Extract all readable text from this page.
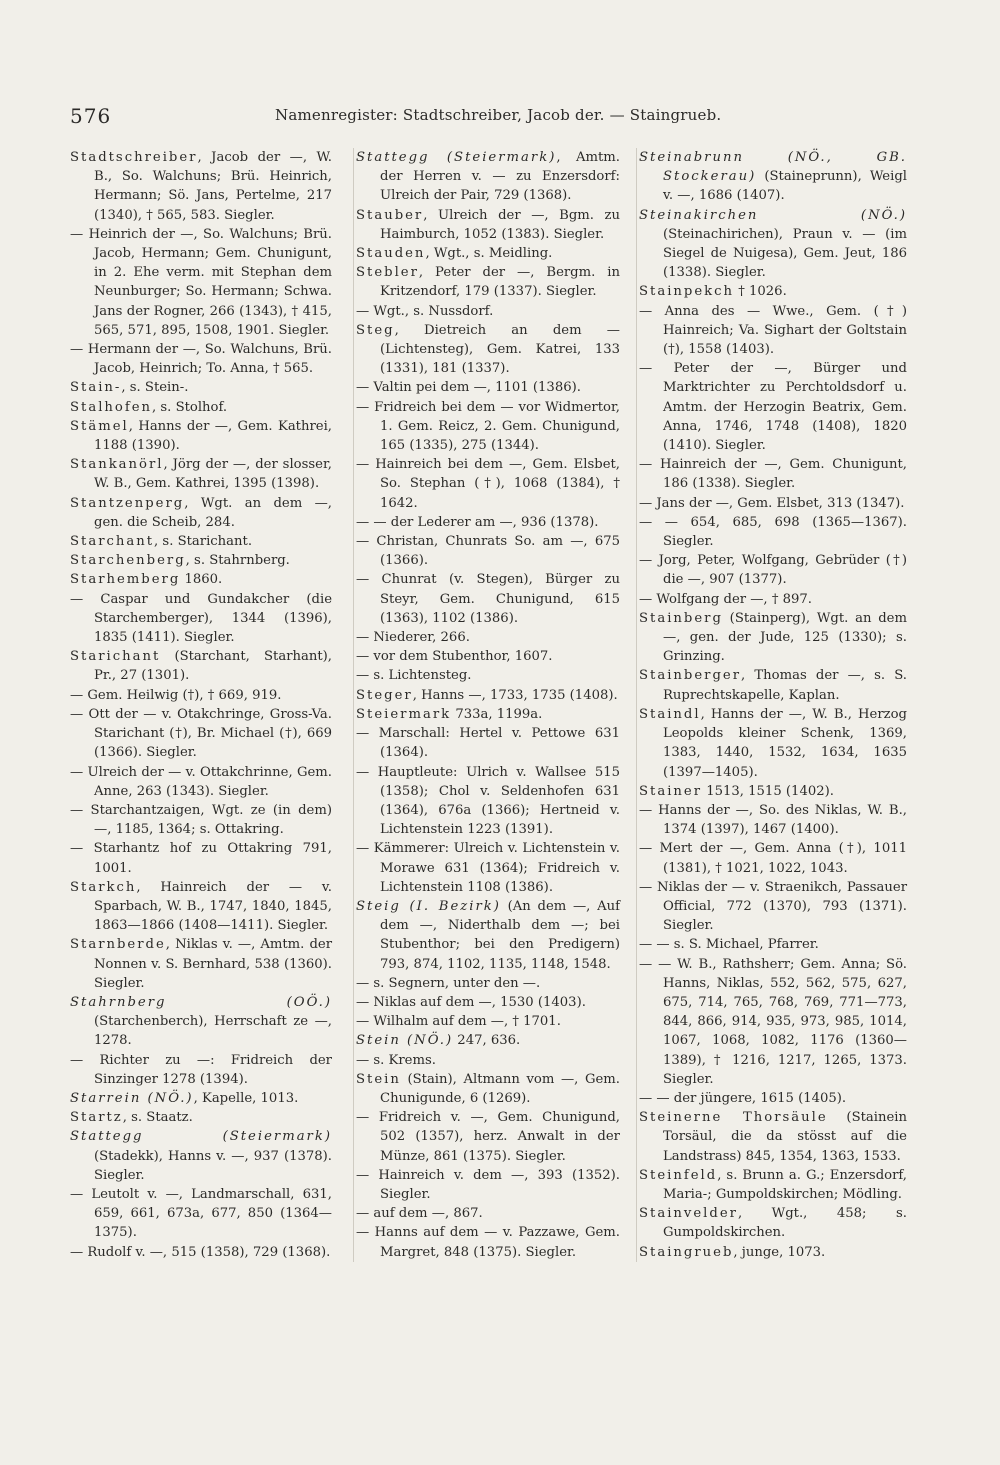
576	Namenregister: Stadtschreiber, Jacob der. — Staingrueb.

Stadtschreiber, Jacob der —, W. B., So. Walchuns; Brü. Heinrich, Hermann; Sö. Jans, Pertelme, 217 (1340), † 565, 583. Siegler.

— Heinrich der —, So. Walchuns; Brü. Jacob, Hermann; Gem. Chunigunt, in 2. Ehe verm. mit Stephan dem Neunburger; So. Hermann; Schwa. Jans der Rogner, 266 (1343), † 415, 565, 571, 895, 1508, 1901. Siegler.

— Hermann der —, So. Walchuns, Brü. Jacob, Heinrich; To. Anna, † 565.

Stain-, s. Stein-.

Stalhofen, s. Stolhof.

Stämel, Hanns der —, Gem. Kathrei, 1188 (1390).

Stankanörl, Jörg der —, der slosser, W. B., Gem. Kathrei, 1395 (1398).

Stantzenperg, Wgt. an dem —, gen. die Scheib, 284.

Starchant, s. Starichant.

Starchenberg, s. Stahrnberg.

Starhemberg 1860.

— Caspar und Gundakcher (die Starchemberger), 1344 (1396), 1835 (1411). Siegler.

Starichant (Starchant, Starhant), Pr., 27 (1301).

— Gem. Heilwig (†), † 669, 919.

— Ott der — v. Otakchringe, Gross-Va. Starichant (†), Br. Michael (†), 669 (1366). Siegler.

— Ulreich der — v. Ottakchrinne, Gem. Anne, 263 (1343). Siegler.

— Starchantzaigen, Wgt. ze (in dem) —, 1185, 1364; s. Ottakring.

— Starhantz hof zu Ottakring 791, 1001.

Starkch, Hainreich der — v. Sparbach, W. B., 1747, 1840, 1845, 1863—1866 (1408—1411). Siegler.

Starnberde, Niklas v. —, Amtm. der Nonnen v. S. Bernhard, 538 (1360). Siegler.

Stahrnberg (OÖ.) (Starchenberch), Herrschaft ze —, 1278.

— Richter zu —: Fridreich der Sinzinger 1278 (1394).

Starrein (NÖ.), Kapelle, 1013.

Startz, s. Staatz.

Stattegg (Steiermark) (Stadekk), Hanns v. —, 937 (1378). Siegler.

— Leutolt v. —, Landmarschall, 631, 659, 661, 673a, 677, 850 (1364—1375).

— Rudolf v. —, 515 (1358), 729 (1368).

Stattegg (Steiermark), Amtm. der Herren v. — zu Enzersdorf: Ulreich der Pair, 729 (1368).

Stauber, Ulreich der —, Bgm. zu Haimburch, 1052 (1383). Siegler.

Stauden, Wgt., s. Meidling.

Stebler, Peter der —, Bergm. in Kritzendorf, 179 (1337). Siegler.

— Wgt., s. Nussdorf.

Steg, Dietreich an dem — (Lichtensteg), Gem. Katrei, 133 (1331), 181 (1337).

— Valtin pei dem —, 1101 (1386).

— Fridreich bei dem — vor Widmertor, 1. Gem. Reicz, 2. Gem. Chunigund, 165 (1335), 275 (1344).

— Hainreich bei dem —, Gem. Elsbet, So. Stephan (†), 1068 (1384), † 1642.

— — der Lederer am —, 936 (1378).

— Christan, Chunrats So. am —, 675 (1366).

— Chunrat (v. Stegen), Bürger zu Steyr, Gem. Chunigund, 615 (1363), 1102 (1386).

— Niederer, 266.

— vor dem Stubenthor, 1607.

— s. Lichtensteg.

Steger, Hanns —, 1733, 1735 (1408).

Steiermark 733a, 1199a.

— Marschall: Hertel v. Pettowe 631 (1364).

— Hauptleute: Ulrich v. Wallsee 515 (1358); Chol v. Seldenhofen 631 (1364), 676a (1366); Hertneid v. Lichtenstein 1223 (1391).

— Kämmerer: Ulreich v. Lichtenstein v. Morawe 631 (1364); Fridreich v. Lichtenstein 1108 (1386).

Steig (I. Bezirk) (An dem —, Auf dem —, Niderthalb dem —; bei Stubenthor; bei den Predigern) 793, 874, 1102, 1135, 1148, 1548.

— s. Segnern, unter den —.

— Niklas auf dem —, 1530 (1403).

— Wilhalm auf dem —, † 1701.

Stein (NÖ.) 247, 636.

— s. Krems.

Stein (Stain), Altmann vom —, Gem. Chunigunde, 6 (1269).

— Fridreich v. —, Gem. Chunigund, 502 (1357), herz. Anwalt in der Münze, 861 (1375). Siegler.

— Hainreich v. dem —, 393 (1352). Siegler.

— auf dem —, 867.

— Hanns auf dem — v. Pazzawe, Gem. Margret, 848 (1375). Siegler.

Steinabrunn (NÖ., GB. Stockerau) (Staineprunn), Weigl v. —, 1686 (1407).

Steinakirchen (NÖ.) (Steinachirichen), Praun v. — (im Siegel de Nuigesa), Gem. Jeut, 186 (1338). Siegler.

Stainpekch † 1026.

— Anna des — Wwe., Gem. (†) Hainreich; Va. Sighart der Goltstain (†), 1558 (1403).

— Peter der —, Bürger und Marktrichter zu Perchtoldsdorf u. Amtm. der Herzogin Beatrix, Gem. Anna, 1746, 1748 (1408), 1820 (1410). Siegler.

— Hainreich der —, Gem. Chunigunt, 186 (1338). Siegler.

— Jans der —, Gem. Elsbet, 313 (1347).

— — 654, 685, 698 (1365—1367). Siegler.

— Jorg, Peter, Wolfgang, Gebrüder (†) die —, 907 (1377).

— Wolfgang der —, † 897.

Stainberg (Stainperg), Wgt. an dem —, gen. der Jude, 125 (1330); s. Grinzing.

Stainberger, Thomas der —, s. S. Ruprechtskapelle, Kaplan.

Staindl, Hanns der —, W. B., Herzog Leopolds kleiner Schenk, 1369, 1383, 1440, 1532, 1634, 1635 (1397—1405).

Stainer 1513, 1515 (1402).

— Hanns der —, So. des Niklas, W. B., 1374 (1397), 1467 (1400).

— Mert der —, Gem. Anna (†), 1011 (1381), † 1021, 1022, 1043.

— Niklas der — v. Straenikch, Passauer Official, 772 (1370), 793 (1371). Siegler.

— — s. S. Michael, Pfarrer.

— — W. B., Rathsherr; Gem. Anna; Sö. Hanns, Niklas, 552, 562, 575, 627, 675, 714, 765, 768, 769, 771—773, 844, 866, 914, 935, 973, 985, 1014, 1067, 1068, 1082, 1176 (1360—1389), † 1216, 1217, 1265, 1373. Siegler.

— — der jüngere, 1615 (1405).

Steinerne Thorsäule (Stainein Torsäul, die da stösst auf die Landstrass) 845, 1354, 1363, 1533.

Steinfeld, s. Brunn a. G.; Enzersdorf, Maria-; Gumpoldskirchen; Mödling.

Stainvelder, Wgt., 458; s. Gumpoldskirchen.

Staingrueb, junge, 1073.
